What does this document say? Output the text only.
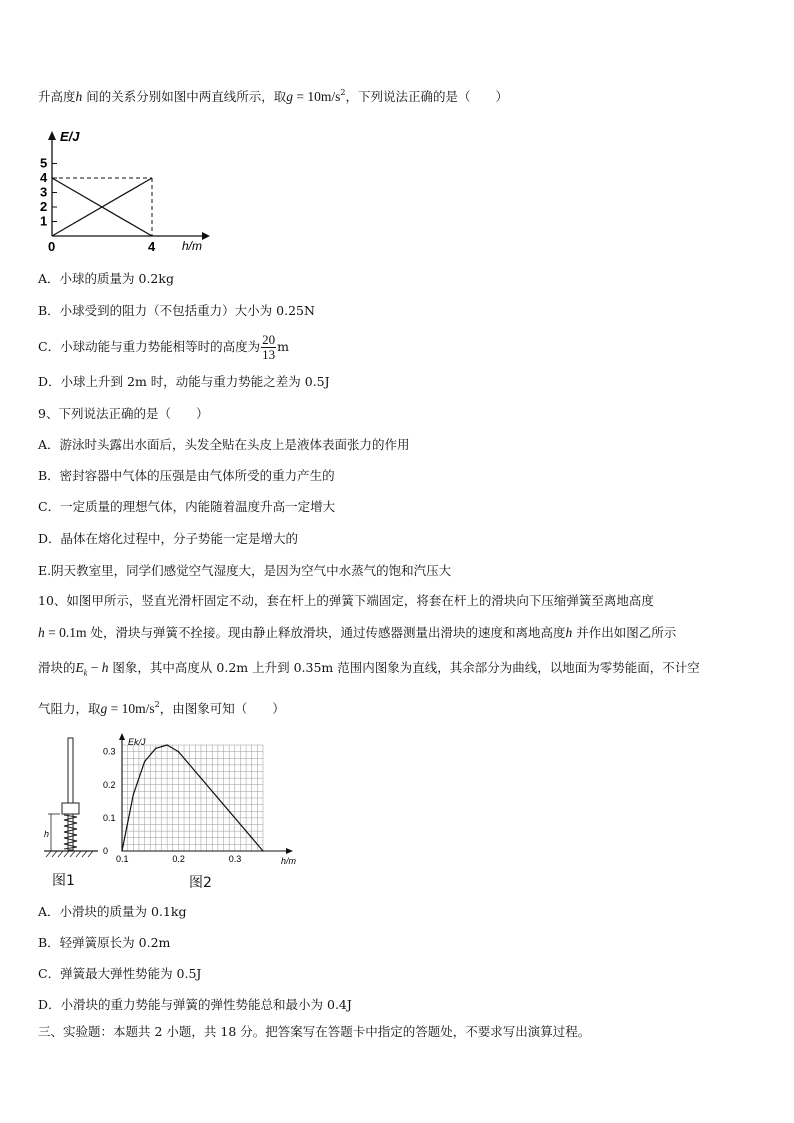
升高度h 间的关系分别如图中两直线所示，取$g = 10m/s^2$，下列说法正确的是（　　）
E/J
h/m
1
2
3
4
5
0	4
A．小球的质量为 0.2kg
B．小球受到的阻力（不包括重力）大小为 0.25N
C．小球动能与重力势能相等时的高度为 $\frac{20}{13}$ m
D．小球上升到 2m 时，动能与重力势能之差为 0.5J
9、下列说法正确的是（　　）
A．游泳时头露出水面后，头发全贴在头皮上是液体表面张力的作用
B．密封容器中气体的压强是由气体所受的重力产生的
C．一定质量的理想气体，内能随着温度升高一定增大
D．晶体在熔化过程中，分子势能一定是增大的
E.阴天教室里，同学们感觉空气湿度大，是因为空气中水蒸气的饱和汽压大
10、如图甲所示，竖直光滑杆固定不动，套在杆上的弹簧下端固定，将套在杆上的滑块向下压缩弹簧至离地高度
h = 0.1m 处，滑块与弹簧不拴接。现由静止释放滑块，通过传感器测量出滑块的速度和离地高度h 并作出如图乙所示
滑块的$E_k - h$ 图象，其中高度从 0.2m 上升到 0.35m 范围内图象为直线，其余部分为曲线，以地面为零势能面，不计空
气阻力，取$g = 10m/s^2$，由图象可知（　　）
h
图1
Ek/J
h/m
0
0.1
0.2
0.3
0.1	0.2	0.3
图2
A．小滑块的质量为 0.1kg
B．轻弹簧原长为 0.2m
C．弹簧最大弹性势能为 0.5J
D．小滑块的重力势能与弹簧的弹性势能总和最小为 0.4J
三、实验题：本题共 2 小题，共 18 分。把答案写在答题卡中指定的答题处，不要求写出演算过程。
